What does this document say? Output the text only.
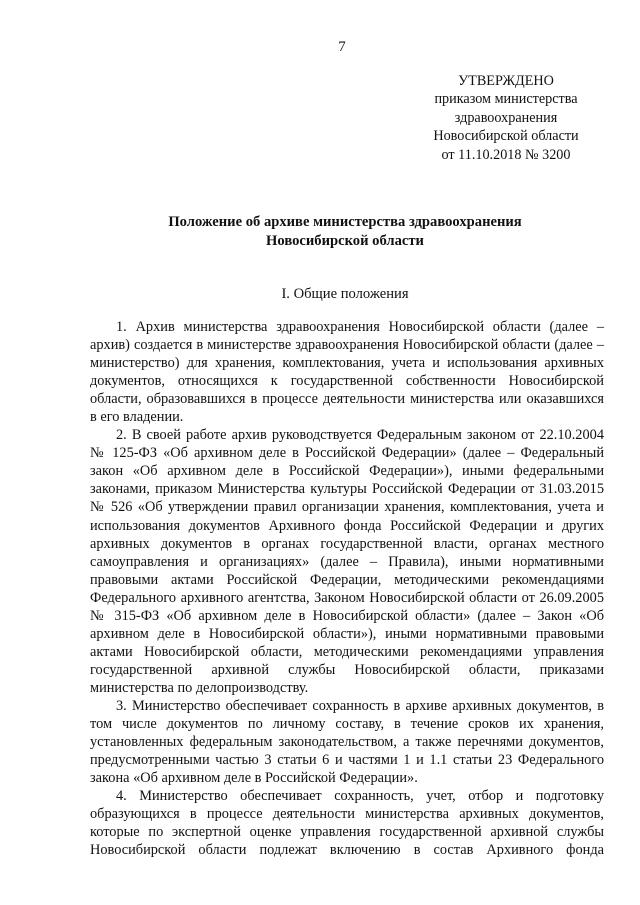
7
УТВЕРЖДЕНО
приказом министерства
здравоохранения
Новосибирской области
от 11.10.2018 № 3200
Положение об архиве министерства здравоохранения
Новосибирской области
I. Общие положения

1. Архив министерства здравоохранения Новосибирской области (далее – архив) создается в министерстве здравоохранения Новосибирской области (далее – министерство) для хранения, комплектования, учета и использования архивных документов, относящихся к государственной собственности Новосибирской области, образовавшихся в процессе деятельности министерства или оказавшихся в его владении.

2. В своей работе архив руководствуется Федеральным законом от 22.10.2004 № 125-ФЗ «Об архивном деле в Российской Федерации» (далее – Федеральный закон «Об архивном деле в Российской Федерации»), иными федеральными законами, приказом Министерства культуры Российской Федерации от 31.03.2015 № 526 «Об утверждении правил организации хранения, комплектования, учета и использования документов Архивного фонда Российской Федерации и других архивных документов в органах государственной власти, органах местного самоуправления и организациях» (далее – Правила), иными нормативными правовыми актами Российской Федерации, методическими рекомендациями Федерального архивного агентства, Законом Новосибирской области от 26.09.2005 № 315-ФЗ «Об архивном деле в Новосибирской области» (далее – Закон «Об архивном деле в Новосибирской области»), иными нормативными правовыми актами Новосибирской области, методическими рекомендациями управления государственной архивной службы Новосибирской области, приказами министерства по делопроизводству.

3. Министерство обеспечивает сохранность в архиве архивных документов, в том числе документов по личному составу, в течение сроков их хранения, установленных федеральным законодательством, а также перечнями документов, предусмотренными частью 3 статьи 6 и частями 1 и 1.1 статьи 23 Федерального закона «Об архивном деле в Российской Федерации».

4. Министерство обеспечивает сохранность, учет, отбор и подготовку образующихся в процессе деятельности министерства архивных документов, которые по экспертной оценке управления государственной архивной службы Новосибирской области подлежат включению в состав Архивного фонда
